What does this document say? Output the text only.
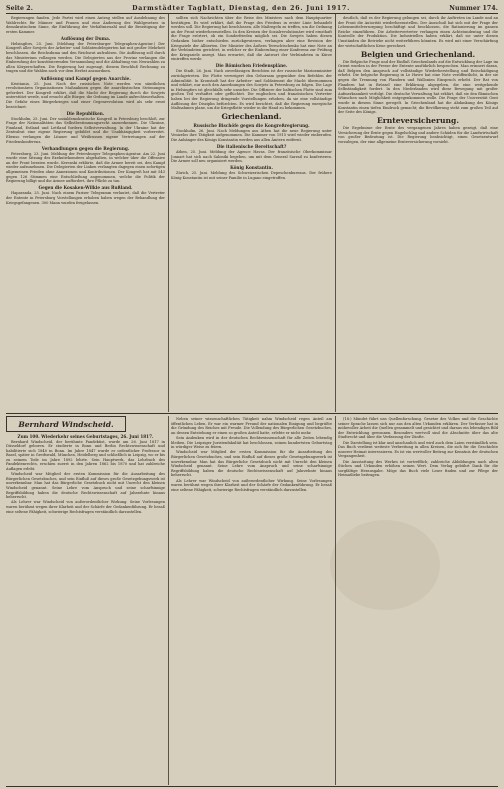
Seite 2.	Darmstädter Tagblatt, Dienstag, den 26. Juni 1917.	Nummer 174.

Regierungen fanden. Jede Partei wird einen Antrag stellen auf Ausdehnung des Wahlrechts für Männer und Frauen und eine Änderung des Wahlgesetzes in demokratischem Sinne, die Einführung der Verhältniswahl und die Beseitigung der ersten Kammer.

Auflösung der Duma.

Helsingfors, 25. Juni. (Meldung der Petersburger Telegraphen-Agentur.) Der Kongreß aller Sowjets der Arbeiter- und Soldatendelegierten hat mit großer Mehrheit beschlossen, die Reichsduma und den Reichsrat aufzulösen. Die Auflösung soll durch das Ministerium vollzogen werden. Die Delegierten aus der Provinz verlangen die Einberufung der konstituierenden Versammlung und die Abhaltung von Neuwahlen zu allen Körperschaften. Die Regierung hat zugesagt, diesem Beschluß Rechnung zu tragen und die Wahlen noch vor dem Herbst anzuordnen.

Auflösung und Kampf gegen Anarchie.

Kristiania, 25. Juni. Nach der russischen Note werden von sämtlichen revolutionären Organisationen Maßnahmen gegen die anarchistischen Strömungen gefordert. Der Kongreß erklärt, daß die Macht der Regierung durch die Sowjets unterstützt werde, und ersucht alle Bürger, die Ordnung im Lande aufrechtzuerhalten. Die Gefahr eines Bürgerkrieges und einer Gegenrevolution wird als sehr ernst bezeichnet.

Die Republiken.

Stockholm, 25. Juni. Der sozialdemokratische Kongreß in Petersburg beschloß, zur Frage der Nationalitäten das Selbstbestimmungsrecht anzuerkennen. Die Ukraine, Finnland, Estland und Lettland fordern Selbstverwaltung. In der Ukraine hat der Zentralrat eine eigene Regierung gebildet und die Unabhängigkeit vorbereitet. Ebenso verlangen die Litauer und Weißrussen eigene Vertretungen auf der Friedenskonferenz.

Verhandlungen gegen die Regierung.

Petersburg, 23. Juni. Meldung der Petersburger Telegraphen-Agentur. Am 22. Juni wurde eine Sitzung des Exekutivkomitees abgehalten, in welcher über die Offensive an der Front beraten wurde. Kerenski erklärte, daß die Armee bereit sei, den Kampf wieder aufzunehmen. Die Delegierten der Linken verlangten dagegen einen sofortigen allgemeinen Frieden ohne Annexionen und Kontributionen. Der Kongreß hat mit 543 gegen 126 Stimmen eine Entschließung angenommen, welche die Politik der Regierung billigt und die Armee auffordert, ihre Pflicht zu tun.

Gegen die Kosaken-Wilkie aus Rußland.

Haparanda, 25. Juni. Nach einem Pariser Telegramm verlautet, daß die Vertreter der Entente in Petersburg Vorstellungen erhoben haben wegen der Behandlung der Kriegsgefangenen. 300 Mann wurden freigelassen.

sollten sich Nachrichten über die Reise des Ministers nach dem Hauptquartier bestätigen. Es wird erklärt, daß die Frage des Friedens in erster Linie behandelt werden soll. Die Regierung hat beschlossen, alle Maßregeln zu treffen, um die Ordnung an der Front wiederherzustellen. In den Kreisen der Sozialrevolutionäre wird ernsthaft die Frage erörtert, ob ein Sonderfrieden möglich sei. Die Sowjets haben diesen Gedanken bisher entschieden zurückgewiesen, verlangen aber eine Revision der Kriegsziele der Alliierten. Der Minister des Äußern Tereschtschenko hat eine Note an die Verbündeten gerichtet, in welcher er die Einberufung einer Konferenz zur Prüfung der Kriegsziele anregt. Man erwartet, daß die Antwort der Verbündeten in Kürze eintreffen werde.

Die Römischen Friedenspläne.

Die Stadt, 26. Juni. Nach zuverlässigen Berichten ist der russische Marineminister zurückgetreten. Die Flotte verweigert den Gehorsam gegenüber den Befehlen der Admiralität. In Kronstadt hat der Arbeiter- und Soldatenrat die Macht übernommen und erklärt, nur noch den Anordnungen des Sowjets in Petersburg zu folgen. Die Lage in Helsingfors ist gleichfalls sehr unsicher. Die Offiziere der baltischen Flotte sind zum großen Teil verhaftet oder geflüchtet. Die englischen und französischen Vertreter haben bei der Regierung dringende Vorstellungen erhoben, da sie eine vollständige Auflösung der Disziplin befürchten. Es wird berichtet, daß die Regierung energische Maßnahmen plane, um die Kriegsflotte wieder in die Hand zu bekommen.

Griechenland.
Russische Bischöfe gegen die Kongreßregierung.

Stockholm, 26. Juni. Nach Meldungen aus Athen hat die neue Regierung unter Venizelos ihre Tätigkeit aufgenommen. Die Kammer von 1915 wird wieder einberufen. Die Anhänger des Königs Konstantin werden aus allen Ämtern entfernt.

Die italienische Bereitschaft?

Athen, 25. Juni. Meldung der Agence Havas. Der französische Oberkommissar Jonnart hat sich nach Saloniki begeben, um mit dem General Sarrail zu konferieren. Die Armee soll neu organisiert werden.

König Konstantin.

Zürich, 25. Juni. Meldung des Schweizerischen Depeschenbureaus. Der frühere König Konstantin ist mit seiner Familie in Lugano eingetroffen.

deutlich, daß es der Regierung gelungen sei, durch ihr Auftreten im Lande und an der Front die Autorität wiederherzustellen. Der Ausschuß hat sich mit der Frage der Lebensmittelversorgung beschäftigt und beschlossen, die Rationierung im ganzen Reiche einzuführen. Die Arbeitervertreter verlangen einen Achtstundentag und die Kontrolle der Produktion. Die Industriellen haben erklärt, daß sie unter diesen Umständen die Betriebe nicht weiterführen könnten. Es wird mit einer Verschärfung der wirtschaftlichen Krise gerechnet.

Belgien und Griechenland.

Die Belgische Frage und der Einfluß Griechenlands auf die Entwicklung der Lage im Orient wurden in der Presse der Entente ausführlich besprochen. Man erinnert daran, daß Belgien den Anspruch auf vollständige Wiederherstellung und Entschädigung erhebt. Die belgische Regierung in Le Havre hat eine Note veröffentlicht, in der sie gegen die Trennung von Flandern und Wallonien Einspruch erhebt. Der Rat von Flandern hat in Brüssel eine Erklärung abgegeben, die eine weitgehende Selbständigkeit fordert. In den Niederlanden wird diese Bewegung mit großer Aufmerksamkeit verfolgt. Die deutsche Verwaltung hat erklärt, daß sie den flämischen Wünschen nach Möglichkeit entgegenkommen wolle. Die Frage der Universität Gent wurde in diesem Sinne geregelt. In Griechenland hat die Abdankung des Königs Konstantin einen tiefen Eindruck gemacht; die Bevölkerung steht zum großen Teil auf der Seite des Königs.

Ernteversicherung.

Die Ergebnisse der Ernte des vergangenen Jahres haben gezeigt, daß eine Versicherung der Ernte gegen Hagelschlag und andere Schäden für die Landwirtschaft von großer Bedeutung ist. Die Regierung beabsichtigt, einen Gesetzentwurf vorzulegen, der eine allgemeine Ernteversicherung vorsieht.

Bernhard Windscheid.
Zum 100. Wiederkehr seines Geburtstages, 26. Juni 1817.

Bernhard Windscheid, der berühmte Pandektist, wurde am 26. Juni 1817 in Düsseldorf geboren. Er studierte in Bonn und Berlin Rechtswissenschaft und habilitierte sich 1840 in Bonn. Im Jahre 1847 wurde er ordentlicher Professor in Basel, später in Greifswald, München, Heidelberg und schließlich in Leipzig, wo er bis zu seinem Tode im Jahre 1892 lehrte. Sein Hauptwerk, das Lehrbuch des Pandektenrechts, erschien zuerst in den Jahren 1862 bis 1870 und hat zahlreiche Auflagen erlebt.

Windscheid war Mitglied der ersten Kommission für die Ausarbeitung des Bürgerlichen Gesetzbuches, und sein Einfluß auf dieses große Gesetzgebungswerk ist unverkennbar. Man hat das Bürgerliche Gesetzbuch nicht mit Unrecht den kleinen Windscheid genannt. Seine Lehre vom Anspruch und seine scharfsinnige Begriffsbildung haben die deutsche Rechtswissenschaft auf Jahrzehnte hinaus beherrscht.

Als Lehrer war Windscheid von außerordentlicher Wirkung. Seine Vorlesungen waren berühmt wegen ihrer Klarheit und der Schärfe der Gedankenführung. Er besaß eine seltene Fähigkeit, schwierige Rechtsfragen verständlich darzustellen.

Neben seiner wissenschaftlichen Tätigkeit nahm Windscheid regen Anteil am öffentlichen Leben. Er war ein warmer Freund der nationalen Einigung und begrüßte die Gründung des Reiches mit Freude. Die Vollendung des Bürgerlichen Gesetzbuches, an dessen Entstehung er einen so großen Anteil hatte, erlebte er nicht mehr.

Sein Andenken wird in der deutschen Rechtswissenschaft für alle Zeiten lebendig bleiben. Die Leipziger Juristenfakultät hat beschlossen, seinen hundertsten Geburtstag in würdiger Weise zu feiern.

Windscheid war Mitglied der ersten Kommission für die Ausarbeitung des Bürgerlichen Gesetzbuches, und sein Einfluß auf dieses große Gesetzgebungswerk ist unverkennbar. Man hat das Bürgerliche Gesetzbuch nicht mit Unrecht den kleinen Windscheid genannt. Seine Lehre vom Anspruch und seine scharfsinnige Begriffsbildung haben die deutsche Rechtswissenschaft auf Jahrzehnte hinaus beherrscht.

Als Lehrer war Windscheid von außerordentlicher Wirkung. Seine Vorlesungen waren berühmt wegen ihrer Klarheit und der Schärfe der Gedankenführung. Er besaß eine seltene Fähigkeit, schwierige Rechtsfragen verständlich darzustellen.

(18.) Mündet führt uns Quellenforschung. Gesetze des Volkes und die Geschichte seiner Sprache lassen sich nur aus den alten Urkunden erklären. Der Verfasser hat in mühevoller Arbeit die Quellen gesammelt und gesichtet und daraus ein lebendiges Bild der Entwicklung gewonnen. Besonders wertvoll sind die Abschnitte über das alte Stadtrecht und über die Verfassung der Zünfte.

Die Darstellung ist klar und anschaulich und wird auch dem Laien verständlich sein. Das Buch verdient weiteste Verbreitung in allen Kreisen, die sich für die Geschichte unserer Heimat interessieren. Es ist ein wertvoller Beitrag zur Kenntnis der deutschen Vergangenheit.

Die Ausstattung des Werkes ist vortrefflich; zahlreiche Abbildungen nach alten Stichen und Urkunden erhöhen seinen Wert. Dem Verlag gebührt Dank für die sorgfältige Herausgabe. Möge das Buch viele Leser finden und zur Pflege der Heimatliebe beitragen.
